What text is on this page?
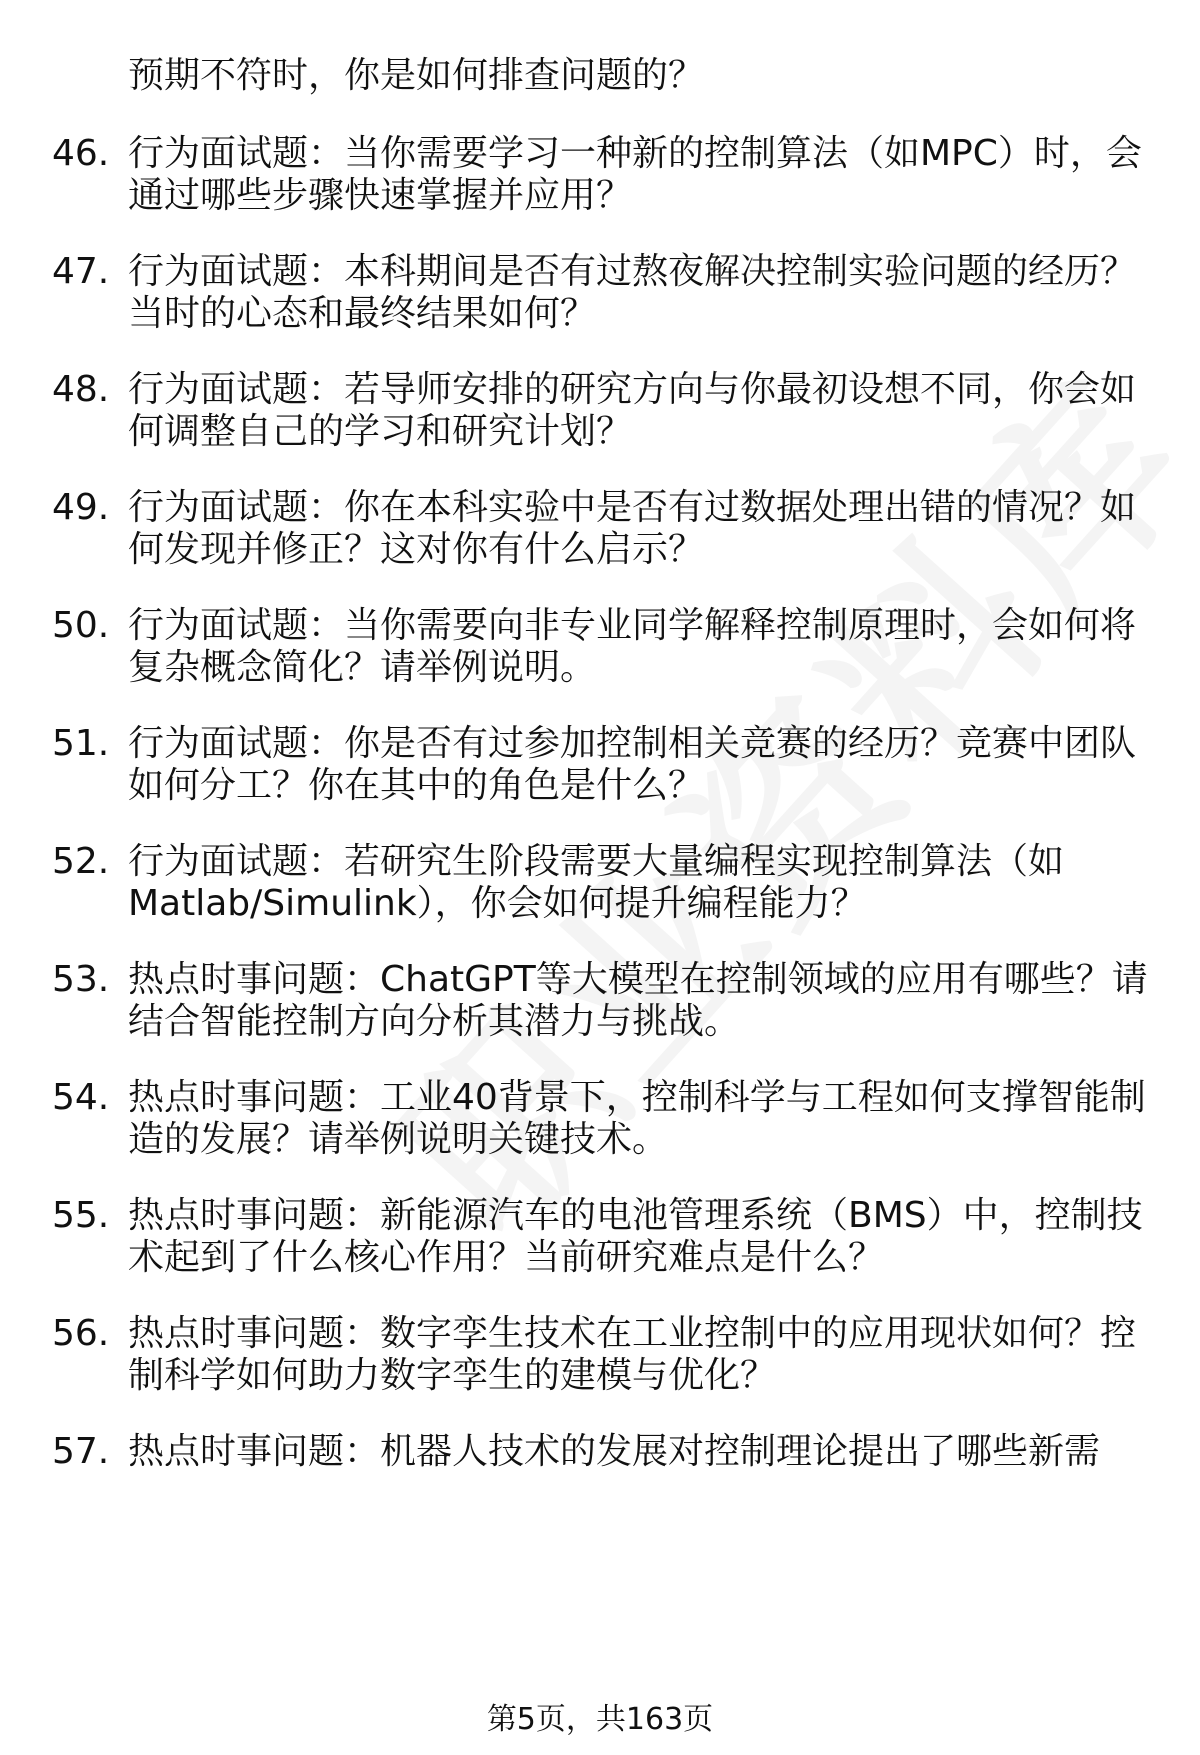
预期不符时，你是如何排查问题的？
46. 行为面试题：当你需要学习一种新的控制算法（如MPC）时，会
通过哪些步骤快速掌握并应用？
47. 行为面试题：本科期间是否有过熬夜解决控制实验问题的经历？
当时的心态和最终结果如何？
48. 行为面试题：若导师安排的研究方向与你最初设想不同，你会如
何调整自己的学习和研究计划？
49. 行为面试题：你在本科实验中是否有过数据处理出错的情况？如
何发现并修正？这对你有什么启示？
50. 行为面试题：当你需要向非专业同学解释控制原理时，会如何将
复杂概念简化？请举例说明。
51. 行为面试题：你是否有过参加控制相关竞赛的经历？竞赛中团队
如何分工？你在其中的角色是什么？
52. 行为面试题：若研究生阶段需要大量编程实现控制算法（如
Matlab/Simulink），你会如何提升编程能力？
53. 热点时事问题：ChatGPT等大模型在控制领域的应用有哪些？请
结合智能控制方向分析其潜力与挑战。
54. 热点时事问题：工业40背景下，控制科学与工程如何支撑智能制
造的发展？请举例说明关键技术。
55. 热点时事问题：新能源汽车的电池管理系统（BMS）中，控制技
术起到了什么核心作用？当前研究难点是什么？
56. 热点时事问题：数字孪生技术在工业控制中的应用现状如何？控
制科学如何助力数字孪生的建模与优化？
57. 热点时事问题：机器人技术的发展对控制理论提出了哪些新需
第5页，共163页
